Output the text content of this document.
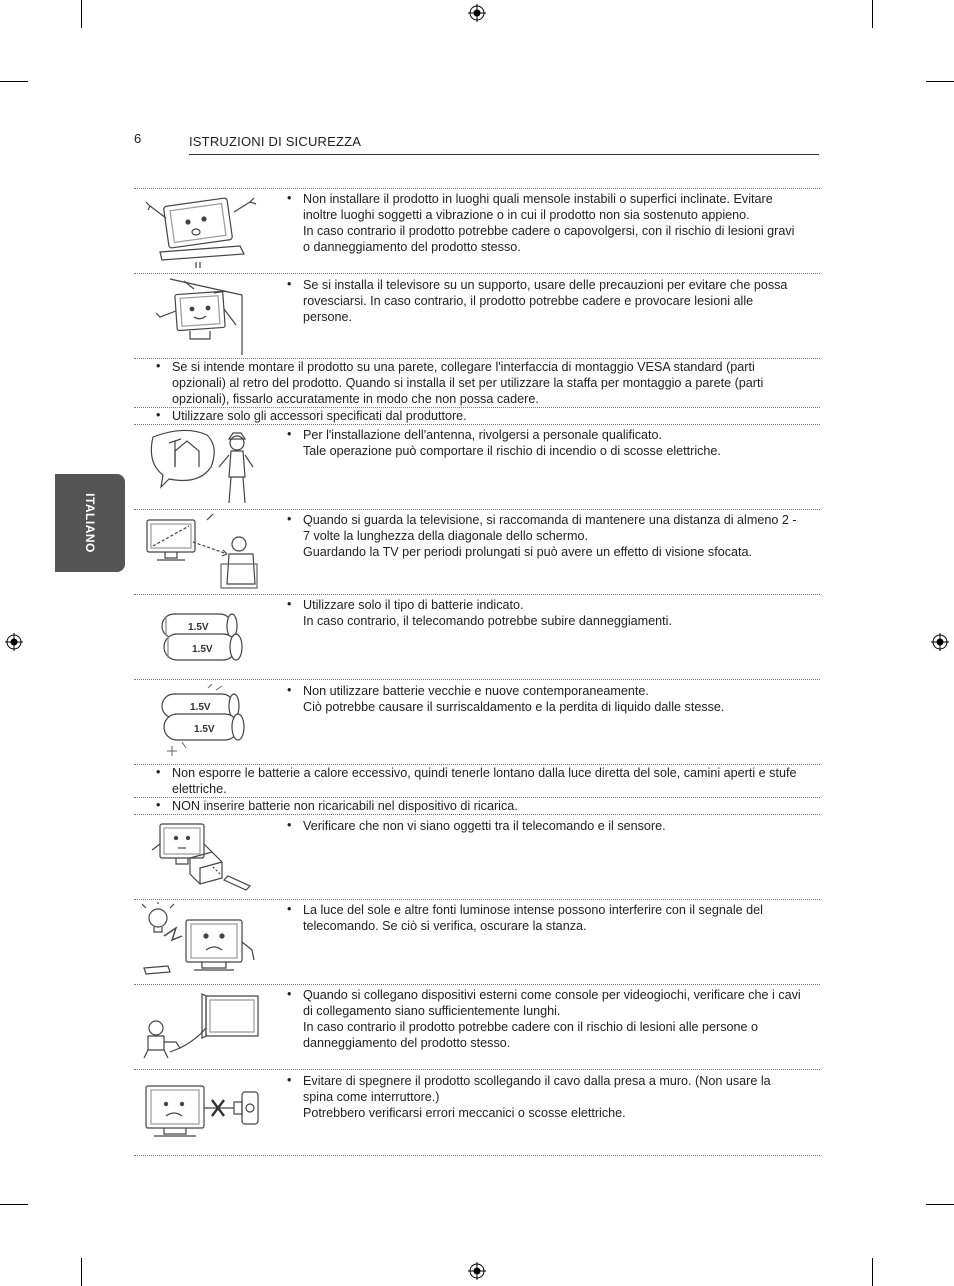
6	ISTRUZIONI DI SICUREZZA
ITALIANO
• Non installare il prodotto in luoghi quali mensole instabili o superfici inclinate. Evitare inoltre luoghi soggetti a vibrazione o in cui il prodotto non sia sostenuto appieno.

In caso contrario il prodotto potrebbe cadere o capovolgersi, con il rischio di lesioni gravi o danneggiamento del prodotto stesso.

• Se si installa il televisore su un supporto, usare delle precauzioni per evitare che possa rovesciarsi. In caso contrario, il prodotto potrebbe cadere e provocare lesioni alle persone.

• Se si intende montare il prodotto su una parete, collegare l'interfaccia di montaggio VESA standard (parti opzionali) al retro del prodotto. Quando si installa il set per utilizzare la staffa per montaggio a parete (parti opzionali), fissarlo accuratamente in modo che non possa cadere.
• Utilizzare solo gli accessori specificati dal produttore.
• Per l'installazione dell'antenna, rivolgersi a personale qualificato.

Tale operazione può comportare il rischio di incendio o di scosse elettriche.

• Quando si guarda la televisione, si raccomanda di mantenere una distanza di almeno 2 - 7 volte la lunghezza della diagonale dello schermo.

Guardando la TV per periodi prolungati si può avere un effetto di visione sfocata.

1.5V
1.5V
• Utilizzare solo il tipo di batterie indicato.

In caso contrario, il telecomando potrebbe subire danneggiamenti.

1.5V
1.5V
• Non utilizzare batterie vecchie e nuove contemporaneamente.

Ciò potrebbe causare il surriscaldamento e la perdita di liquido dalle stesse.

• Non esporre le batterie a calore eccessivo, quindi tenerle lontano dalla luce diretta del sole, camini aperti e stufe elettriche.
• NON inserire batterie non ricaricabili nel dispositivo di ricarica.
• Verificare che non vi siano oggetti tra il telecomando e il sensore.

• La luce del sole e altre fonti luminose intense possono interferire con il segnale del telecomando. Se ciò si verifica, oscurare la stanza.

• Quando si collegano dispositivi esterni come console per videogiochi, verificare che i cavi di collegamento siano sufficientemente lunghi.

In caso contrario il prodotto potrebbe cadere con il rischio di lesioni alle persone o danneggiamento del prodotto stesso.

• Evitare di spegnere il prodotto scollegando il cavo dalla presa a muro. (Non usare la spina come interruttore.)

Potrebbero verificarsi errori meccanici o scosse elettriche.
